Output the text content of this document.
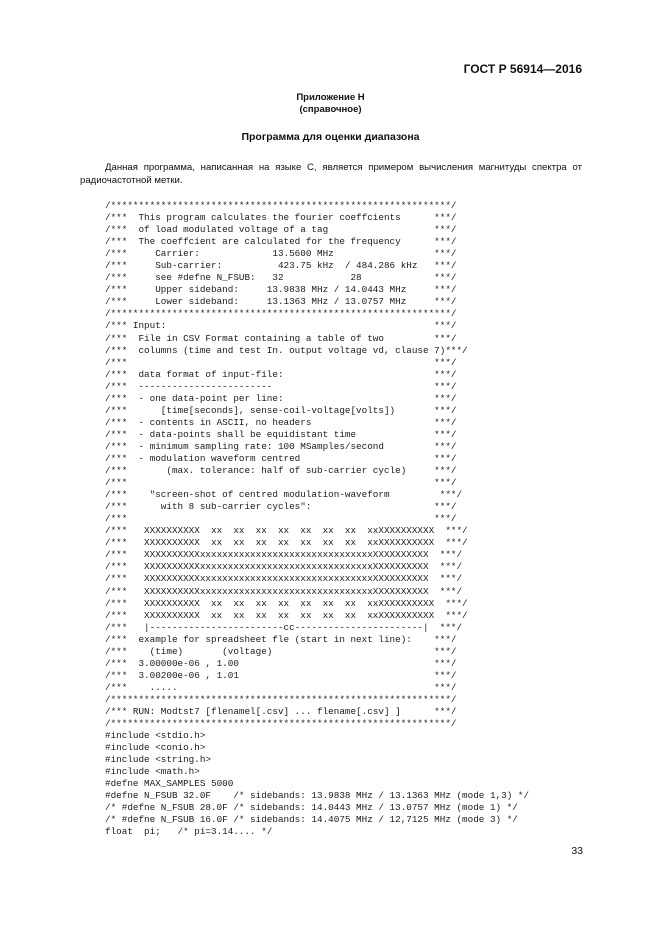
ГОСТ Р 56914—2016
Приложение Н
(справочное)
Программа для оценки диапазона
Данная программа, написанная на языке С, является примером вычисления магнитуды спектра от радиочастотной метки.
/*************************************************************/
/***  This program calculates the fourier coeffcients      ***/
/***  of load modulated voltage of a tag                   ***/
/***  The coeffcient are calculated for the frequency      ***/
/***     Carrier:             13.5600 MHz                  ***/
/***     Sub-carrier:          423.75 kHz  / 484.286 kHz   ***/
/***     see #defne N_FSUB:   32            28             ***/
/***     Upper sideband:     13.9838 MHz / 14.0443 MHz     ***/
/***     Lower sideband:     13.1363 MHz / 13.0757 MHz     ***/
/*************************************************************/
/*** Input:                                                ***/
/***  File in CSV Format containing a table of two         ***/
/***  columns (time and test In. output voltage vd, clause 7)***/
/***                                                       ***/
/***  data format of input-file:                           ***/
/***  ------------------------                             ***/
/***  - one data-point per line:                           ***/
/***      [time[seconds], sense-coil-voltage[volts])       ***/
/***  - contents in ASCII, no headers                      ***/
/***  - data-points shall be equidistant time              ***/
/***  - minimum sampling rate: 100 MSamples/second         ***/
/***  - modulation waveform centred                        ***/
/***       (max. tolerance: half of sub-carrier cycle)     ***/
/***                                                       ***/
/***    "screen-shot of centred modulation-waveform         ***/
/***      with 8 sub-carrier cycles":                      ***/
/***                                                       ***/
/***   XXXXXXXXXX  xx  xx  xx  xx  xx  xx  xx  xxXXXXXXXXXX  ***/
/***   XXXXXXXXXX  xx  xx  xx  xx  xx  xx  xx  xxXXXXXXXXXX  ***/
/***   XXXXXXXXXXxxxxxxxxxxxxxxxxxxxxxxxxxxxxxxxXXXXXXXXXX  ***/
/***   XXXXXXXXXXxxxxxxxxxxxxxxxxxxxxxxxxxxxxxxxXXXXXXXXXX  ***/
/***   XXXXXXXXXXxxxxxxxxxxxxxxxxxxxxxxxxxxxxxxxXXXXXXXXXX  ***/
/***   XXXXXXXXXXxxxxxxxxxxxxxxxxxxxxxxxxxxxxxxxXXXXXXXXXX  ***/
/***   XXXXXXXXXX  xx  xx  xx  xx  xx  xx  xx  xxXXXXXXXXXX  ***/
/***   XXXXXXXXXX  xx  xx  xx  xx  xx  xx  xx  xxXXXXXXXXXX  ***/
/***   |------------------------cc-----------------------|  ***/
/***  example for spreadsheet fle (start in next line):    ***/
/***    (time)       (voltage)                             ***/
/***  3.00000e-06 , 1.00                                   ***/
/***  3.00200e-06 , 1.01                                   ***/
/***    .....                                              ***/
/*************************************************************/
/*** RUN: Modtst7 [flenamel[.csv] ... flename[.csv] ]      ***/
/*************************************************************/
#include <stdio.h>
#include <conio.h>
#include <string.h>
#include <math.h>
#defne MAX_SAMPLES 5000
#defne N_FSUB 32.0F    /* sidebands: 13.9838 MHz / 13.1363 MHz (mode 1,3) */
/* #defne N_FSUB 28.0F /* sidebands: 14.0443 MHz / 13.0757 MHz (mode 1) */
/* #defne N_FSUB 16.0F /* sidebands: 14.4075 MHz / 12,7125 MHz (mode 3) */
float  pi;   /* pi=3.14.... */
33
